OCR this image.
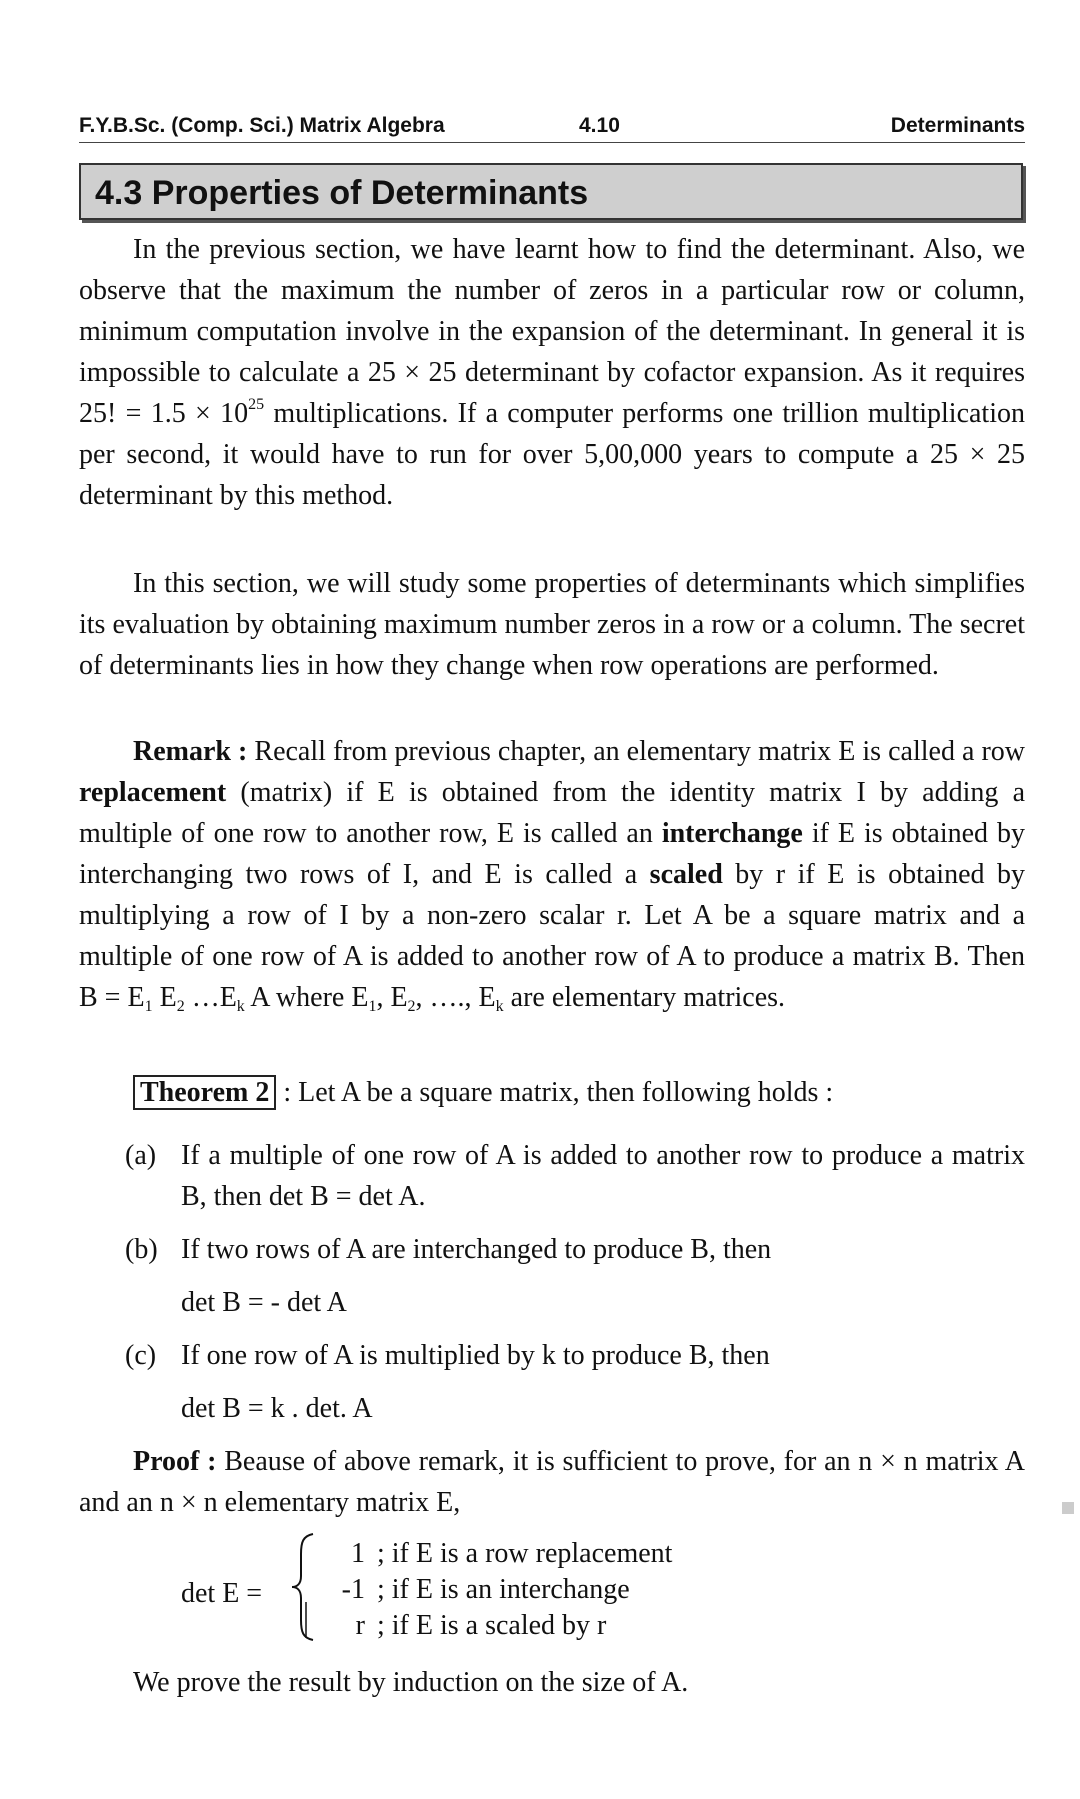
F.Y.B.Sc. (Comp. Sci.) Matrix Algebra	4.10	Determinants
4.3 Properties of Determinants

In the previous section, we have learnt how to find the determinant. Also, we observe that the maximum the number of zeros in a particular row or column, minimum computation involve in the expansion of the determinant. In general it is impossible to calculate a 25 × 25 determinant by cofactor expansion. As it requires 25! = $1.5 \times 10^{25}$ multiplications. If a computer performs one trillion multiplication per second, it would have to run for over 5,00,000 years to compute a 25 × 25 determinant by this method.

In this section, we will study some properties of determinants which simplifies its evaluation by obtaining maximum number zeros in a row or a column. The secret of determinants lies in how they change when row operations are performed.

Remark : Recall from previous chapter, an elementary matrix E is called a row replacement (matrix) if E is obtained from the identity matrix I by adding a multiple of one row to another row, E is called an interchange if E is obtained by interchanging two rows of I, and E is called a scaled by r if E is obtained by multiplying a row of I by a non-zero scalar r. Let A be a square matrix and a multiple of one row of A is added to another row of A to produce a matrix B. Then $B = E_1$ $E_2$ $\dots E_k$ A where $E_1$, $E_2$, …., $E_k$ are elementary matrices.

Theorem 2 : Let A be a square matrix, then following holds :
(a) If a multiple of one row of A is added to another row to produce a matrix B, then det B = det A.
(b) If two rows of A are interchanged to produce B, then
det B = - det A
(c) If one row of A is multiplied by k to produce B, then
det B = k . det. A

Proof : Beause of above remark, it is sufficient to prove, for an n × n matrix A and an n × n elementary matrix E,

det E =
1 ; if E is a row replacement
-1 ; if E is an interchange
r ; if E is a scaled by r
We prove the result by induction on the size of A.
